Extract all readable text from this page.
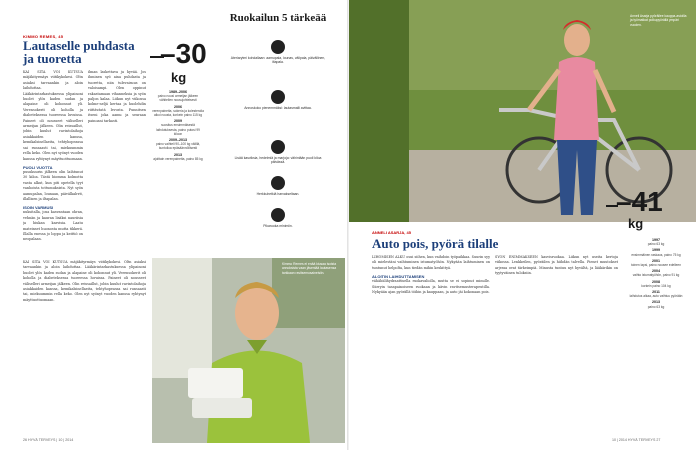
KIMMO REMES, 45
Lautaselle puhdasta ja tuoretta
KAI SITÄ VOI KUTSUA mäjäkityrmäys viitikykokesi. Oltn asiaksi tarvaankin ja aloin laihduttaa. Lääkärintarkastuksessa ylipainoni huolet ylös kaden sudan ja alapaine oli kohonnut yli. Verensokerit oli koholla ja diabeteksessa tuoreessa luvuissa. Paineet oli nousseet väliselleri armeijan jälkeen. Olin reissaillut, jobin kuulut ravintolaihoja asiakkaiden kanssa, kemikalsinellaeita, tehtyhopeassa sai runsaasti tai, miekuummin rella keko. Olen nyt syönyt vuoden kanssa ryhtynyt mäyttuottuomaan.
PUOLI VUOTTA
puuskuurin jälkeen olin laihtunut 30 kiloa. Tästä hiomma kolmotta vasta alkut, kun piti opetella tyyt vanhoista tottumuksista. Nyt syön aamupalan, lounaan, päivälkalrrit, illallisen ja iltapalan.
ISOIN VARMUSI
nuksitalla, josa kasvantaan ohran, vehnän ja kauran lisäksi nauriisia ja hiukan kasvisia. Laatu mateinset huonosta mutta tikkerä. Illalla enessa jo loppu ja keittiö on neopalaan.
ilman laskettava ja hyvää. Jos ihminen syö aina puhdasta ja tuoretta, niin tulevaisuus on valoisampi. Olen oppinut rakastamaan vihanneksia ja syön paljon kalaa. Liikun nyt viikossa kolme-neljä kertaa ja huolehdin riittävästä levosta. Punnitsen itseni joka aamu ja seuraan painoani tarkasti.
KAI SITÄ VOI KUTSUA mäjäkityrmäys viitikykokesi. Oltn asiaksi tarvaankin ja aloin laihduttaa. Lääkärintarkastuksessa ylipainoni huolet ylös kaden sudan ja alapaine oli kohonnut yli. Verensokerit oli koholla ja diabeteksessa tuoreessa luvuissa. Paineet oli nousseet väliselleri armeijan jälkeen. Olin reissaillut, jobin kuulut ravintolaihoja asiakkaiden kanssa, kemikalsinellaeita, tehtyhopeassa sai runsaasti tai, miekuummin rella keko. Olen nyt syönyt vuoden kanssa ryhtynyt mäyttuottuomaan.
–30
kg
1989–2006
paino nousi armeijan jälkeen vähitellen nousujohteisesti
2006
verenpainetta, sokeria ja kolesterolia alkoi nousta, korkein paino 115 kg
2009
suositus ensimmäisestä laihdutuksesta, paino putosi 99 kiloon
2009–2013
paino vaihteli 90–100 kg välillä, kuntoilua epäsäännöllisesti
2013
ajoittain verenpainetta, paino 85 kg
Ruokailun 5 tärkeää
Ateriarytmi kohdallaan: aamupala, lounas, välipala, päivällinen, iltapala.
Annoskoko pienemmäksi: lautasmalli avittaa.
Lisää kasviksia, hedelmiä ja marjoja: vähintään puoli kiloa päivässä.
Herkkuhetkiä harvakseltaan.
Pikaruoka minimiin.
Kimmo Remes ei enää kiusaa isoista annoksista vaan jäsentää lautasensa tarkkaan ravitsemusaineisiin.
26 HYVÄ TERVEYS | 10 | 2014
Anneli Asarja pyöräilee kauppa-asioilla ja työmatkat polkupyörällä ympäri vuoden.
ANNELI ASARJA, 45
Auto pois, pyörä tilalle
LIHOMISEN ALKU osui siihen, kun vaihdoin työpaikkaa. Suurin syy oli mielestäni vaihtuminen istumatyöhön. Nykyään laihtuminen on tuntunut helpolta, kun tiedän mihin keskittyä.
ALOITIN LAIHDUTTAMISEN
vähähiilihydraattisella ruokavaliolla, mutta se ei sopinut minulle. Siirryin tasapainoiseen ruokaan ja kävin ravitsemusterapeutilla. Nykyään ajan pyörällä töihin ja kauppaan, ja auto jäi kokonaan pois.
SYÖN ENIMMÄKSEEN kasvisruokaa. Liikun nyt useita kertoja viikossa. Lenkkeilen, pyöräilen ja hiihdän talvella. Pienet muutokset arjessa ovat tärkeimpiä. Minusta tuntuu nyt hyvältä, ja lääkärikin on tyytyväinen tuloksiin.
–41
kg
1997
paino 63 kg
1999
ensimmäinen raskaus, paino 75 kg
2001
toinen lapsi, paino nousee edelleen
2004
vaihto istumatyöhön, paino 91 kg
2008
korkein paino 104 kg
2011
laihdutus alkaa, auto vaihtuu pyörään
2013
paino 63 kg
10 | 2014 HYVÄ TERVEYS 27
